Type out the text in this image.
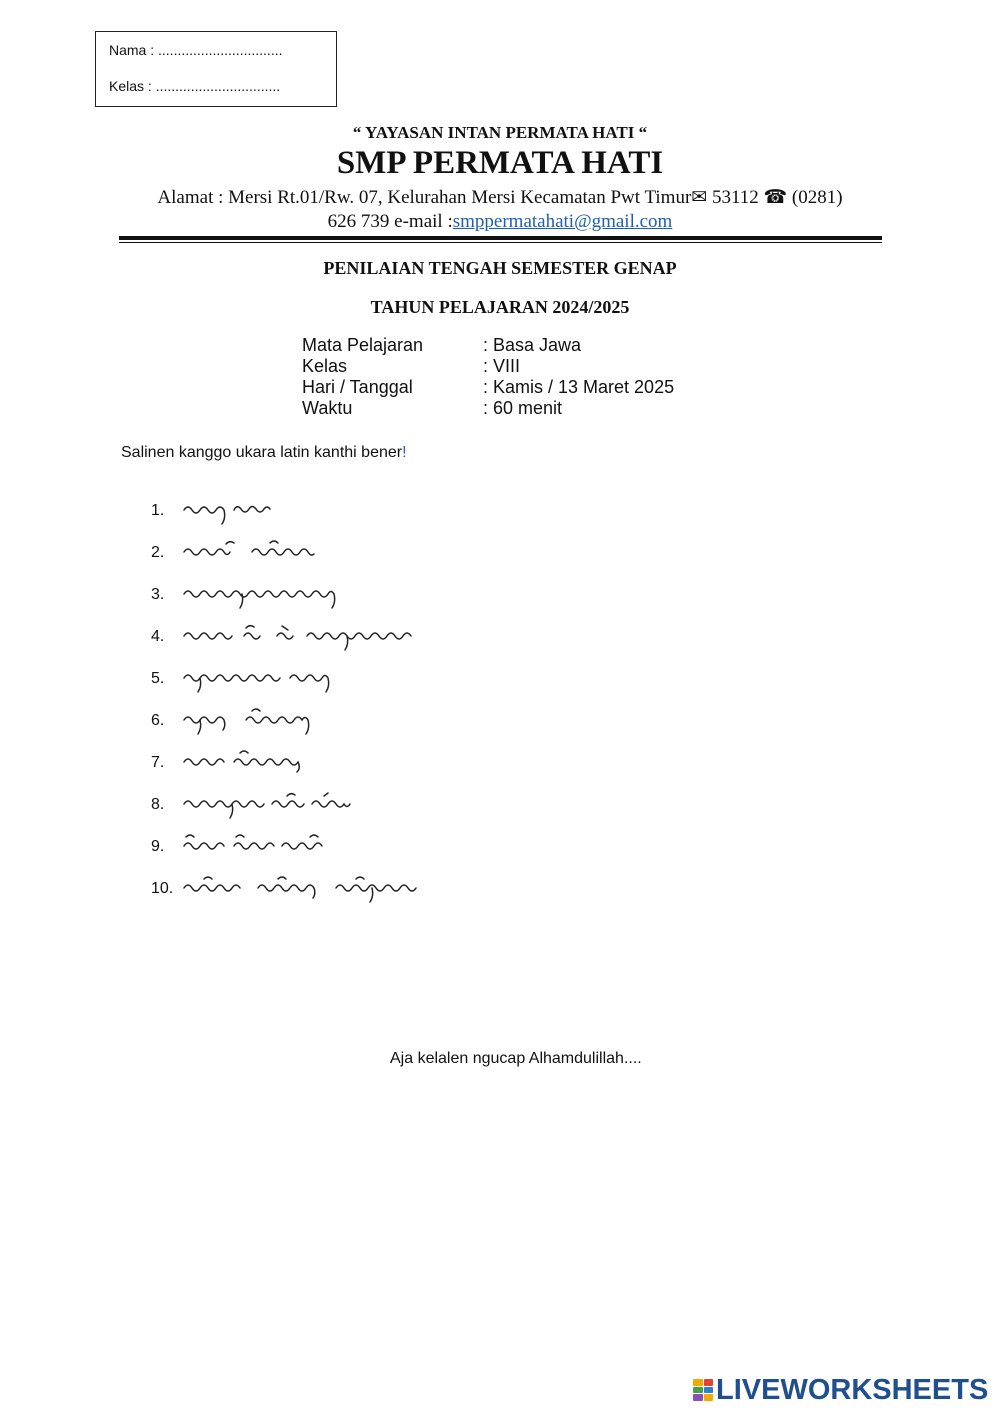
Nama : ................................
Kelas : ................................
“ YAYASAN INTAN PERMATA HATI “
SMP PERMATA HATI
Alamat : Mersi Rt.01/Rw. 07, Kelurahan Mersi Kecamatan Pwt Timur✉ 53112 ☎ (0281)
626 739 e-mail :smppermatahati@gmail.com
PENILAIAN TENGAH SEMESTER GENAP
TAHUN PELAJARAN 2024/2025
Mata Pelajaran	: Basa Jawa
Kelas	: VIII
Hari / Tanggal	: Kamis / 13 Maret 2025
Waktu	: 60 menit
Salinen kanggo ukara latin kanthi bener!
1.
2.
3.
4.
5.
6.
7.
8.
9.
10.
Aja kelalen ngucap Alhamdulillah....
LIVEWORKSHEETS
